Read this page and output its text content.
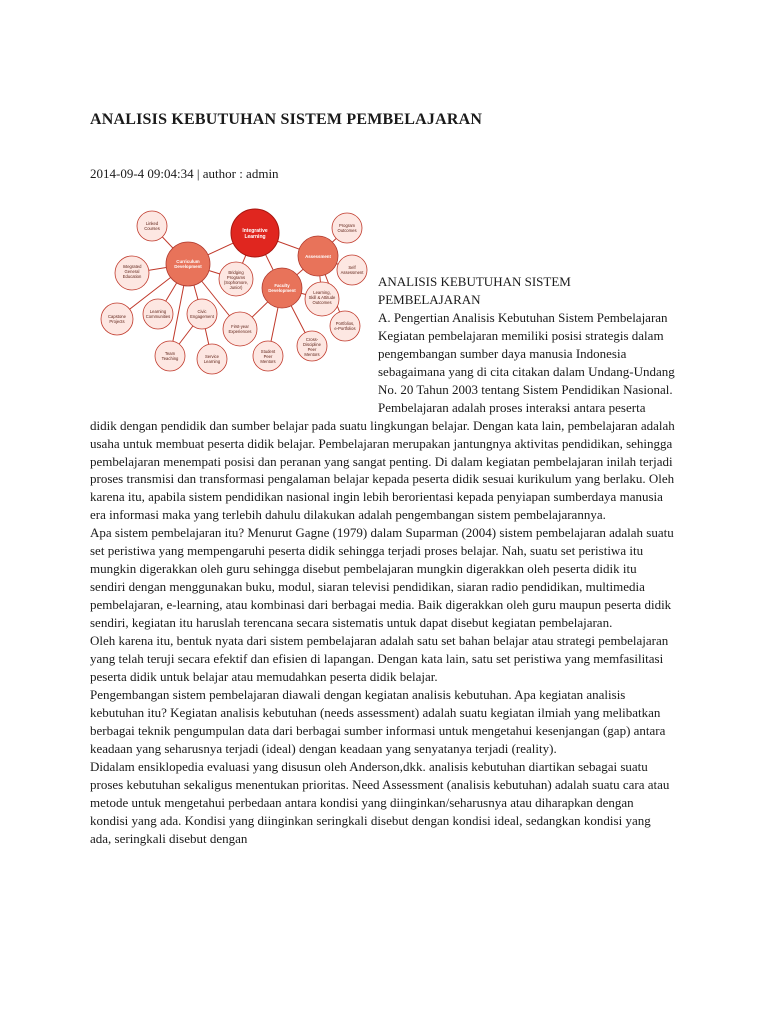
ANALISIS KEBUTUHAN SISTEM PEMBELAJARAN
2014-09-4 09:04:34 | author : admin
Integrative
Learning
Curriculum
Development
Assessment
Faculty
Development
Linked
Courses
Integrated
General
Education
Capstone
Projects
Learning
Communities
Civic
Engagement
Bridging
Programs
(Sophomore,
Junior)
Team
Teaching	Service
Learning
First-year
Experiences
Student
Peer
Mentors
Cross-
Discipline
Peer
Mentors
Learning,
Skill & Attitude
Outcomes
Portfolios,
e-Portfolios
Self
Assessment
Program
Outcomes

ANALISIS KEBUTUHAN SISTEM PEMBELAJARAN

A. Pengertian Analisis Kebutuhan Sistem Pembelajaran

Kegiatan pembelajaran memiliki posisi strategis dalam pengembangan sumber daya manusia Indonesia sebagaimana yang di cita citakan dalam Undang-Undang No. 20 Tahun 2003 tentang Sistem Pendidikan Nasional. Pembelajaran adalah proses interaksi antara peserta didik dengan pendidik dan sumber belajar pada suatu lingkungan belajar. Dengan kata lain, pembelajaran adalah usaha untuk membuat peserta didik belajar. Pembelajaran merupakan jantungnya aktivitas pendidikan, sehingga pembelajaran menempati posisi dan peranan yang sangat penting. Di dalam kegiatan pembelajaran inilah terjadi proses transmisi dan transformasi pengalaman belajar kepada peserta didik sesuai kurikulum yang berlaku. Oleh karena itu, apabila sistem pendidikan nasional ingin lebih berorientasi kepada penyiapan sumberdaya manusia era informasi maka yang terlebih dahulu dilakukan adalah pengembangan sistem pembelajarannya.

Apa sistem pembelajaran itu? Menurut Gagne (1979) dalam Suparman (2004) sistem pembelajaran adalah suatu set peristiwa yang mempengaruhi peserta didik sehingga terjadi proses belajar. Nah, suatu set peristiwa itu mungkin digerakkan oleh guru sehingga disebut pembelajaran mungkin digerakkan oleh peserta didik itu sendiri dengan menggunakan buku, modul, siaran televisi pendidikan, siaran radio pendidikan, multimedia pembelajaran, e-learning, atau kombinasi dari berbagai media. Baik digerakkan oleh guru maupun peserta didik sendiri, kegiatan itu haruslah terencana secara sistematis untuk dapat disebut kegiatan pembelajaran.

Oleh karena itu, bentuk nyata dari sistem pembelajaran adalah satu set bahan belajar atau strategi pembelajaran yang telah teruji secara efektif dan efisien di lapangan. Dengan kata lain, satu set peristiwa yang memfasilitasi peserta didik untuk belajar atau memudahkan peserta didik belajar.

Pengembangan sistem pembelajaran diawali dengan kegiatan analisis kebutuhan. Apa kegiatan analisis kebutuhan itu? Kegiatan analisis kebutuhan (needs assessment) adalah suatu kegiatan ilmiah yang melibatkan berbagai teknik pengumpulan data dari berbagai sumber informasi untuk mengetahui kesenjangan (gap) antara keadaan yang seharusnya terjadi (ideal) dengan keadaan yang senyatanya terjadi (reality).

Didalam ensiklopedia evaluasi yang disusun oleh Anderson,dkk. analisis kebutuhan diartikan sebagai suatu proses kebutuhan sekaligus menentukan prioritas. Need Assessment (analisis kebutuhan) adalah suatu cara atau metode untuk mengetahui perbedaan antara kondisi yang diinginkan/seharusnya atau diharapkan dengan kondisi yang ada. Kondisi yang diinginkan seringkali disebut dengan kondisi ideal, sedangkan kondisi yang ada, seringkali disebut dengan
